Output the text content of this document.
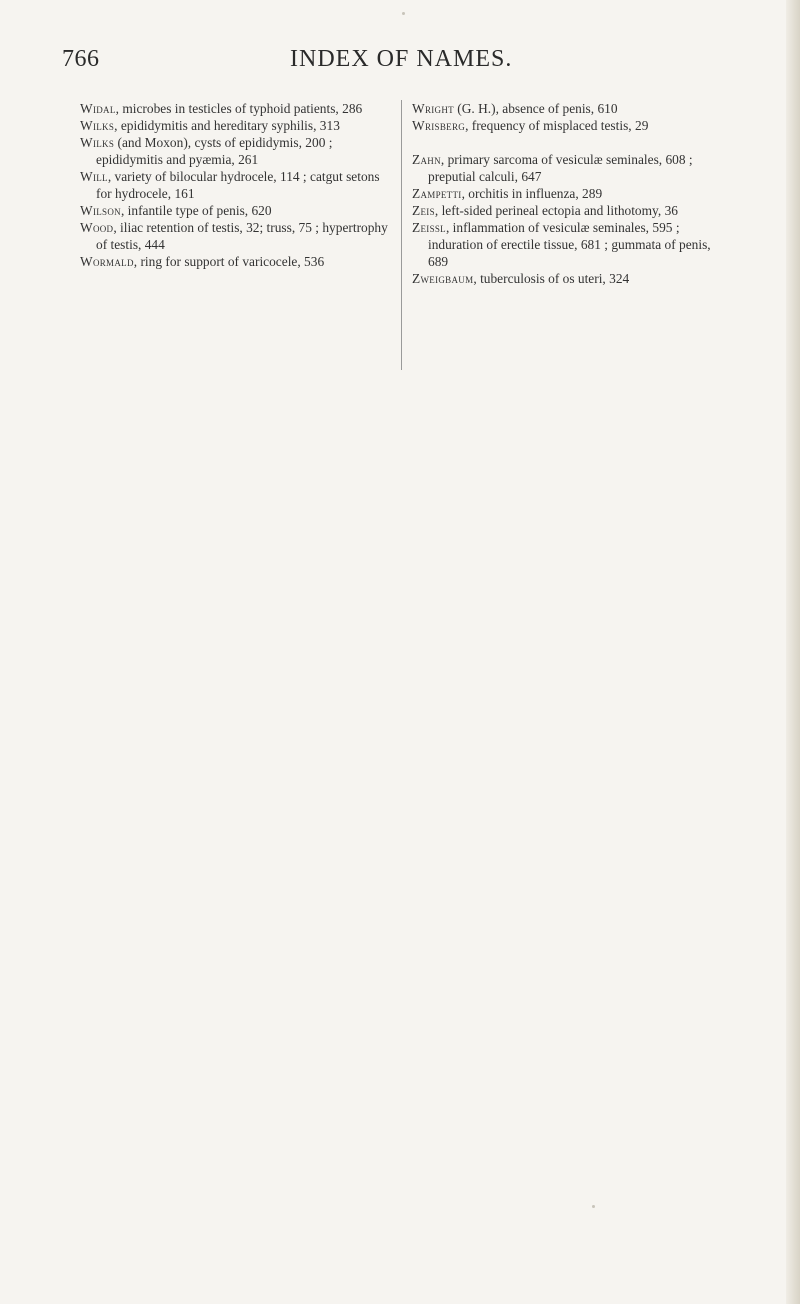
766	INDEX OF NAMES.

Widal, microbes in testicles of typhoid patients, 286

Wilks, epididymitis and hereditary syphilis, 313

Wilks (and Moxon), cysts of epididymis, 200 ; epididymitis and pyæmia, 261

Will, variety of bilocular hydrocele, 114 ; catgut setons for hydrocele, 161

Wilson, infantile type of penis, 620

Wood, iliac retention of testis, 32; truss, 75 ; hypertrophy of testis, 444

Wormald, ring for support of varicocele, 536

Wright (G. H.), absence of penis, 610

Wrisberg, frequency of misplaced testis, 29

Zahn, primary sarcoma of vesiculæ seminales, 608 ; preputial calculi, 647

Zampetti, orchitis in influenza, 289

Zeis, left-sided perineal ectopia and lithotomy, 36

Zeissl, inflammation of vesiculæ seminales, 595 ; induration of erectile tissue, 681 ; gummata of penis, 689

Zweigbaum, tuberculosis of os uteri, 324
